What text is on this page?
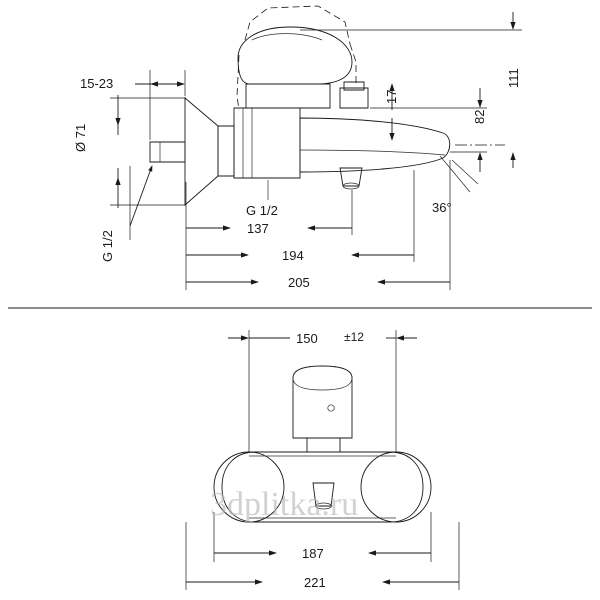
15-23
Ø 71
G 1/2
G 1/2
17
82
111
36°
137
194
205
150 ±12
187
221
3dplitka.ru
